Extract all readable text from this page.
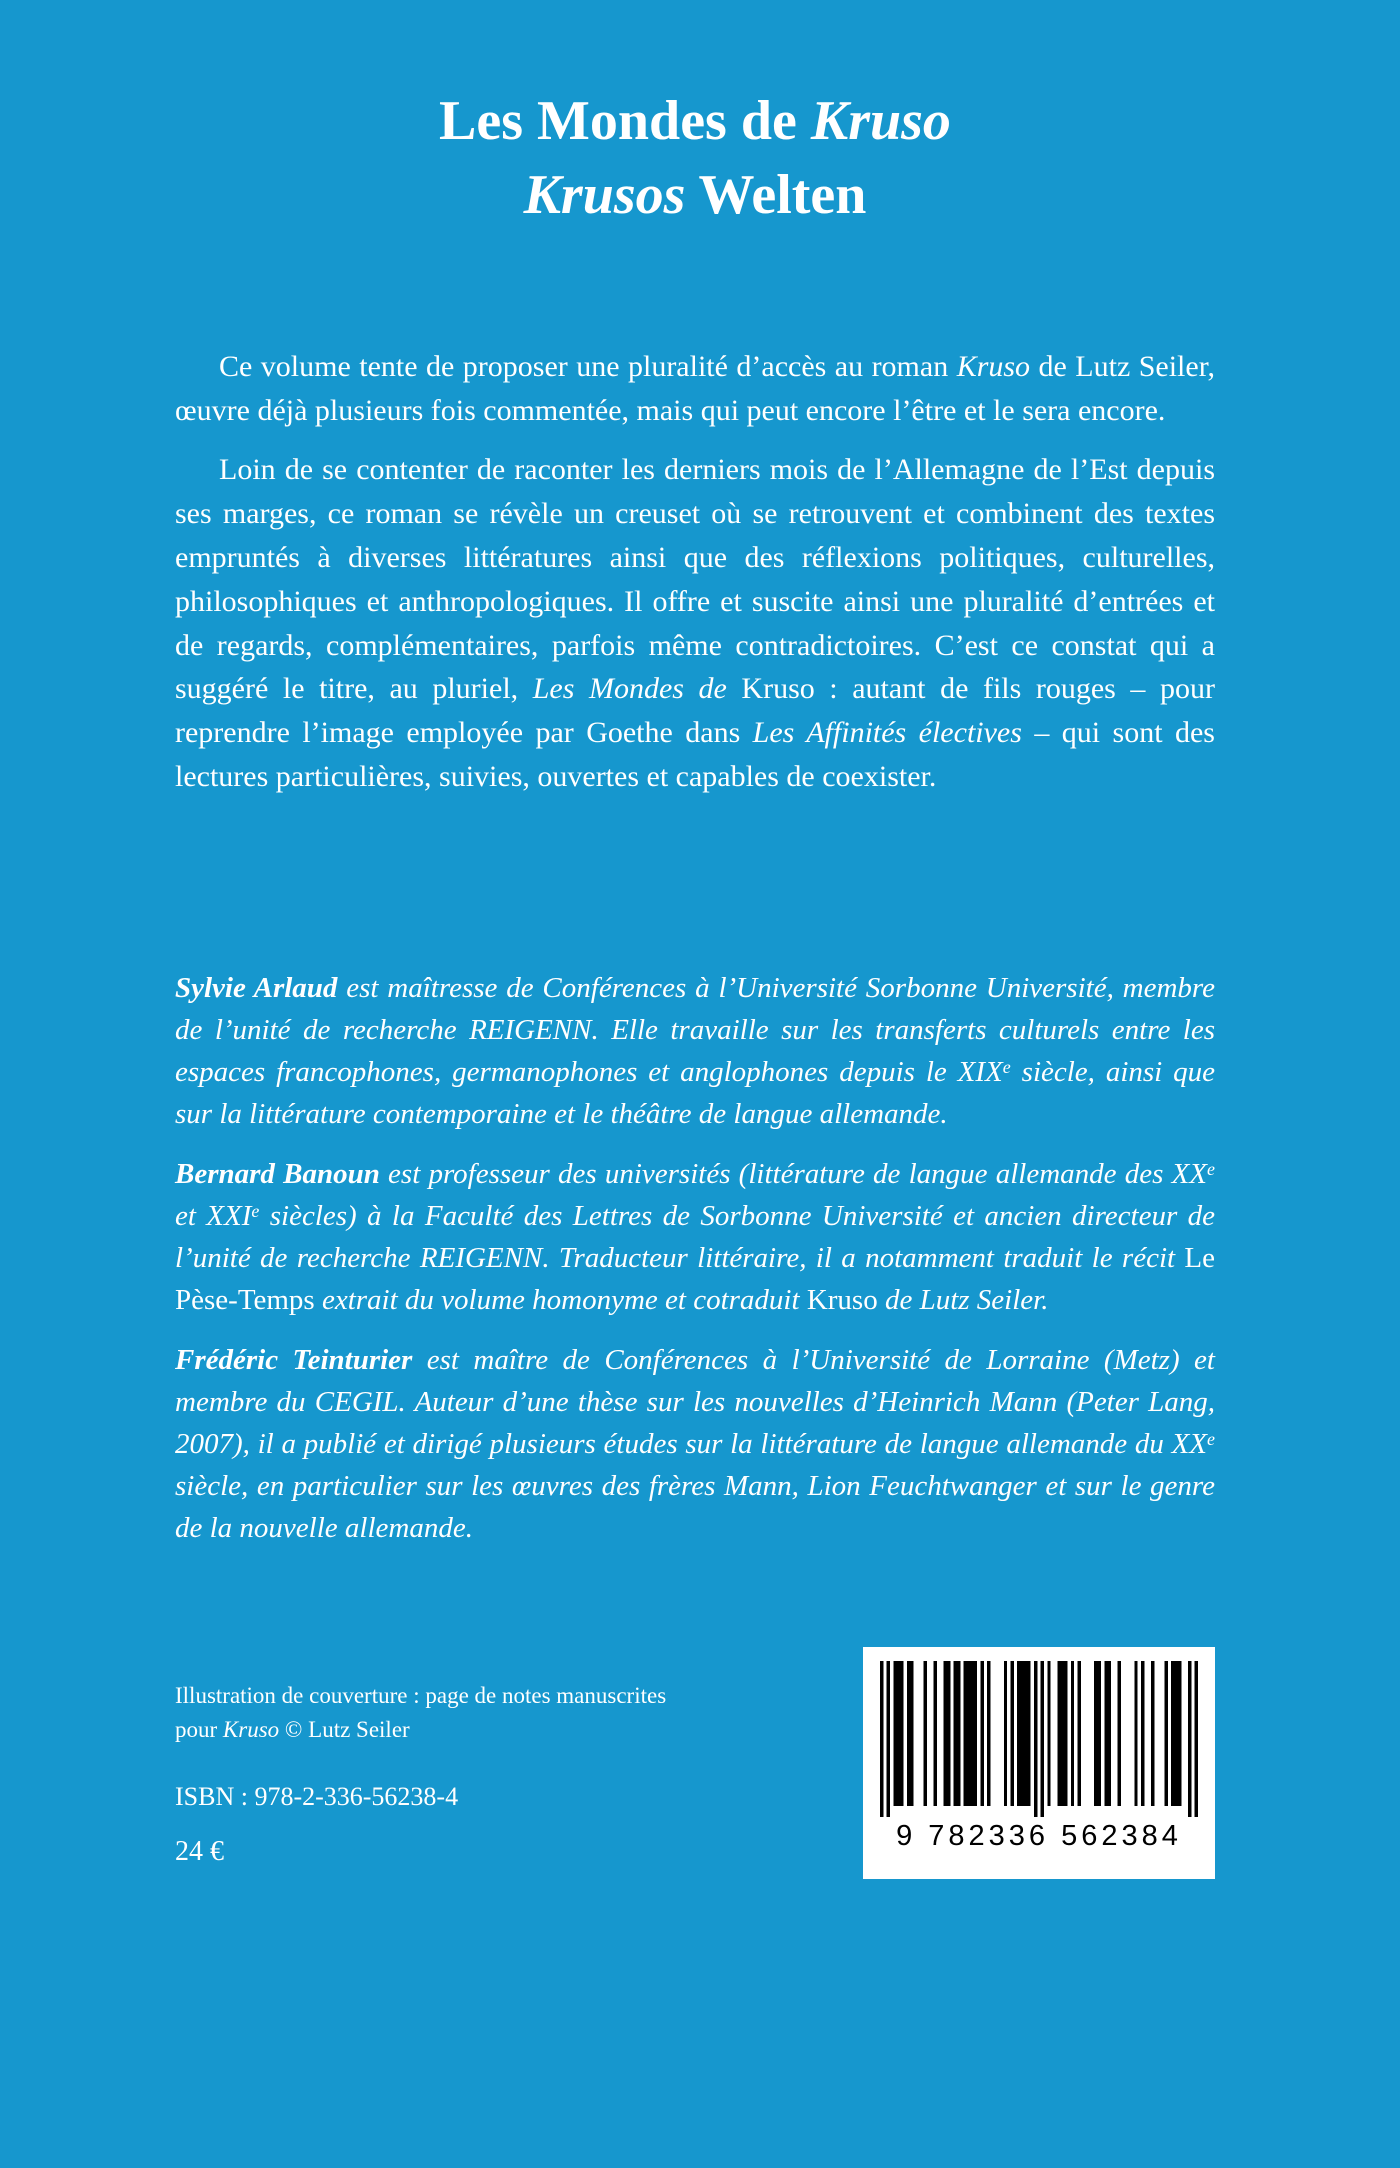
Les Mondes de Kruso
Krusos Welten

Ce volume tente de proposer une pluralité d’accès au roman Kruso de Lutz Seiler, œuvre déjà plusieurs fois commentée, mais qui peut encore l’être et le sera encore.

Loin de se contenter de raconter les derniers mois de l’Allemagne de l’Est depuis ses marges, ce roman se révèle un creuset où se retrouvent et combinent des textes empruntés à diverses littératures ainsi que des réflexions politiques, culturelles, philosophiques et anthropologiques. Il offre et suscite ainsi une pluralité d’entrées et de regards, complémentaires, parfois même contradictoires. C’est ce constat qui a suggéré le titre, au pluriel, Les Mondes de Kruso : autant de fils rouges – pour reprendre l’image employée par Goethe dans Les Affinités électives – qui sont des lectures particulières, suivies, ouvertes et capables de coexister.

Sylvie Arlaud est maîtresse de Conférences à l’Université Sorbonne Université, membre de l’unité de recherche REIGENN. Elle travaille sur les transferts culturels entre les espaces francophones, germanophones et anglophones depuis le XIXe siècle, ainsi que sur la littérature contemporaine et le théâtre de langue allemande.

Bernard Banoun est professeur des universités (littérature de langue allemande des XXe et XXIe siècles) à la Faculté des Lettres de Sorbonne Université et ancien directeur de l’unité de recherche REIGENN. Traducteur littéraire, il a notamment traduit le récit Le Pèse-Temps extrait du volume homonyme et cotraduit Kruso de Lutz Seiler.

Frédéric Teinturier est maître de Conférences à l’Université de Lorraine (Metz) et membre du CEGIL. Auteur d’une thèse sur les nouvelles d’Heinrich Mann (Peter Lang, 2007), il a publié et dirigé plusieurs études sur la littérature de langue allemande du XXe siècle, en particulier sur les œuvres des frères Mann, Lion Feuchtwanger et sur le genre de la nouvelle allemande.

Illustration de couverture : page de notes manuscrites
pour Kruso © Lutz Seiler

ISBN : 978-2-336-56238-4

24 €	9 782336 562384
